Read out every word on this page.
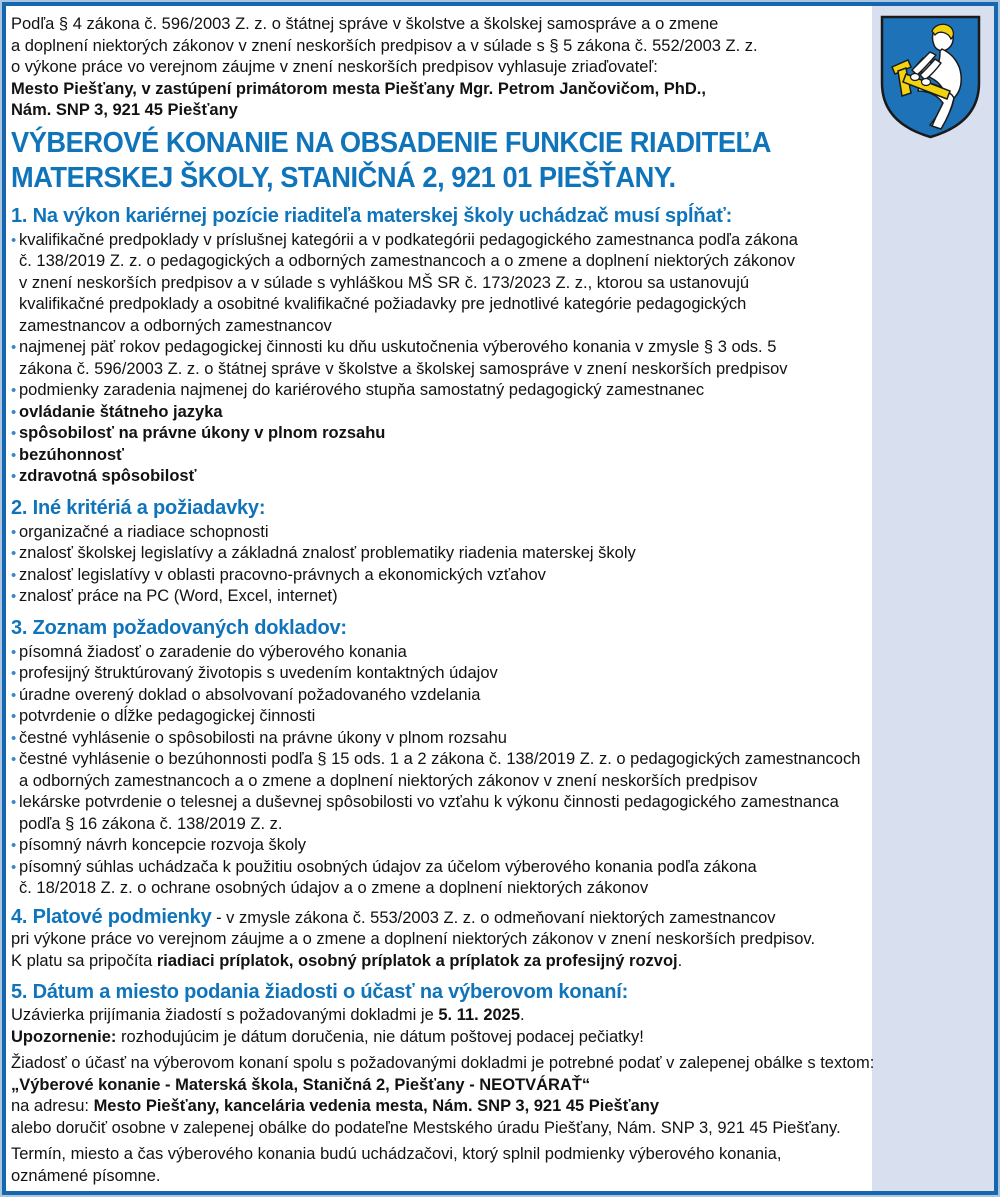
Podľa § 4 zákona č. 596/2003 Z. z. o štátnej správe v školstve a školskej samospráve a o zmene
a doplnení niektorých zákonov v znení neskorších predpisov a v súlade s § 5 zákona č. 552/2003 Z. z.
o výkone práce vo verejnom záujme v znení neskorších predpisov vyhlasuje zriaďovateľ:
Mesto Piešťany, v zastúpení primátorom mesta Piešťany Mgr. Petrom Jančovičom, PhD.,
Nám. SNP 3, 921 45 Piešťany

VÝBEROVÉ KONANIE NA OBSADENIE FUNKCIE RIADITEĽA
MATERSKEJ ŠKOLY, STANIČNÁ 2, 921 01 PIEŠŤANY.
1. Na výkon kariérnej pozície riaditeľa materskej školy uchádzač musí spĺňať:
• kvalifikačné predpoklady v príslušnej kategórii a v podkategórii pedagogického zamestnanca podľa zákona
č. 138/2019 Z. z. o pedagogických a odborných zamestnancoch a o zmene a doplnení niektorých zákonov
v znení neskorších predpisov a v súlade s vyhláškou MŠ SR č. 173/2023 Z. z., ktorou sa ustanovujú
kvalifikačné predpoklady a osobitné kvalifikačné požiadavky pre jednotlivé kategórie pedagogických
zamestnancov a odborných zamestnancov
• najmenej päť rokov pedagogickej činnosti ku dňu uskutočnenia výberového konania v zmysle § 3 ods. 5
zákona č. 596/2003 Z. z. o štátnej správe v školstve a školskej samospráve v znení neskorších predpisov
• podmienky zaradenia najmenej do kariérového stupňa samostatný pedagogický zamestnanec
• ovládanie štátneho jazyka
• spôsobilosť na právne úkony v plnom rozsahu
• bezúhonnosť
• zdravotná spôsobilosť
2. Iné kritériá a požiadavky:
• organizačné a riadiace schopnosti
• znalosť školskej legislatívy a základná znalosť problematiky riadenia materskej školy
• znalosť legislatívy v oblasti pracovno-právnych a ekonomických vzťahov
• znalosť práce na PC (Word, Excel, internet)
3. Zoznam požadovaných dokladov:
• písomná žiadosť o zaradenie do výberového konania
• profesijný štruktúrovaný životopis s uvedením kontaktných údajov
• úradne overený doklad o absolvovaní požadovaného vzdelania
• potvrdenie o dĺžke pedagogickej činnosti
• čestné vyhlásenie o spôsobilosti na právne úkony v plnom rozsahu
• čestné vyhlásenie o bezúhonnosti podľa § 15 ods. 1 a 2 zákona č. 138/2019 Z. z. o pedagogických zamestnancoch
a odborných zamestnancoch a o zmene a doplnení niektorých zákonov v znení neskorších predpisov
• lekárske potvrdenie o telesnej a duševnej spôsobilosti vo vzťahu k výkonu činnosti pedagogického zamestnanca
podľa § 16 zákona č. 138/2019 Z. z.
• písomný návrh koncepcie rozvoja školy
• písomný súhlas uchádzača k použitiu osobných údajov za účelom výberového konania podľa zákona
č. 18/2018 Z. z. o ochrane osobných údajov a o zmene a doplnení niektorých zákonov

4. Platové podmienky - v zmysle zákona č. 553/2003 Z. z. o odmeňovaní niektorých zamestnancov
pri výkone práce vo verejnom záujme a o zmene a doplnení niektorých zákonov v znení neskorších predpisov.
K platu sa pripočíta riadiaci príplatok, osobný príplatok a príplatok za profesijný rozvoj.

5. Dátum a miesto podania žiadosti o účasť na výberovom konaní:

Uzávierka prijímania žiadostí s požadovanými dokladmi je 5. 11. 2025.
Upozornenie: rozhodujúcim je dátum doručenia, nie dátum poštovej podacej pečiatky!

Žiadosť o účasť na výberovom konaní spolu s požadovanými dokladmi je potrebné podať v zalepenej obálke s textom:
„Výberové konanie - Materská škola, Staničná 2, Piešťany - NEOTVÁRAŤ“
na adresu: Mesto Piešťany, kancelária vedenia mesta, Nám. SNP 3, 921 45 Piešťany
alebo doručiť osobne v zalepenej obálke do podateľne Mestského úradu Piešťany, Nám. SNP 3, 921 45 Piešťany.

Termín, miesto a čas výberového konania budú uchádzačovi, ktorý splnil podmienky výberového konania,
oznámené písomne.
